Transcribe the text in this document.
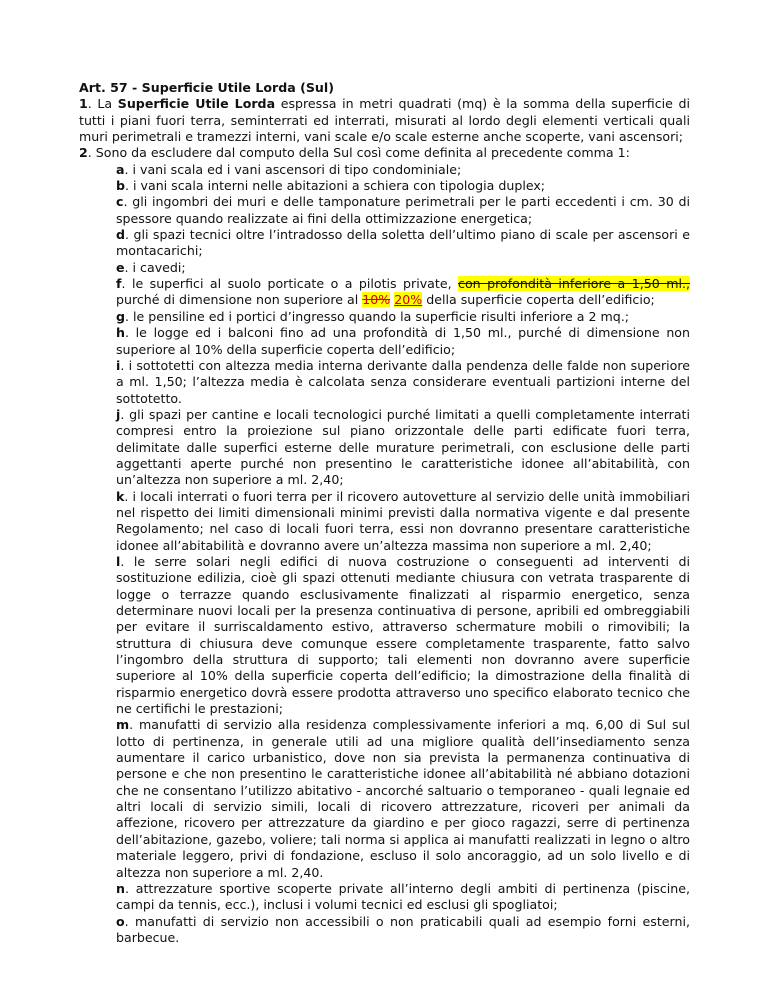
Art. 57 - Superficie Utile Lorda (Sul)

1. La Superficie Utile Lorda espressa in metri quadrati (mq) è la somma della superficie di tutti i piani fuori terra, seminterrati ed interrati, misurati al lordo degli elementi verticali quali muri perimetrali e tramezzi interni, vani scale e/o scale esterne anche scoperte, vani ascensori;

2. Sono da escludere dal computo della Sul così come definita al precedente comma 1:

a. i vani scala ed i vani ascensori di tipo condominiale;

b. i vani scala interni nelle abitazioni a schiera con tipologia duplex;

c. gli ingombri dei muri e delle tamponature perimetrali per le parti eccedenti i cm. 30 di spessore quando realizzate ai fini della ottimizzazione energetica;

d. gli spazi tecnici oltre l’intradosso della soletta dell’ultimo piano di scale per ascensori e montacarichi;

e. i cavedi;

f. le superfici al suolo porticate o a pilotis private, con profondità inferiore a 1,50 ml., purché di dimensione non superiore al 10% 20% della superficie coperta dell’edificio;

g. le pensiline ed i portici d’ingresso quando la superficie risulti inferiore a 2 mq.;

h. le logge ed i balconi fino ad una profondità di 1,50 ml., purché di dimensione non superiore al 10% della superficie coperta dell’edificio;

i. i sottotetti con altezza media interna derivante dalla pendenza delle falde non superiore a ml. 1,50; l’altezza media è calcolata senza considerare eventuali partizioni interne del sottotetto.

j. gli spazi per cantine e locali tecnologici purché limitati a quelli completamente interrati compresi entro la proiezione sul piano orizzontale delle parti edificate fuori terra, delimitate dalle superfici esterne delle murature perimetrali, con esclusione delle parti aggettanti aperte purché non presentino le caratteristiche idonee all’abitabilità, con un’altezza non superiore a ml. 2,40;

k. i locali interrati o fuori terra per il ricovero autovetture al servizio delle unità immobiliari nel rispetto dei limiti dimensionali minimi previsti dalla normativa vigente e dal presente Regolamento; nel caso di locali fuori terra, essi non dovranno presentare caratteristiche idonee all’abitabilità e dovranno avere un’altezza massima non superiore a ml. 2,40;

l. le serre solari negli edifici di nuova costruzione o conseguenti ad interventi di sostituzione edilizia, cioè gli spazi ottenuti mediante chiusura con vetrata trasparente di logge o terrazze quando esclusivamente finalizzati al risparmio energetico, senza determinare nuovi locali per la presenza continuativa di persone, apribili ed ombreggiabili per evitare il surriscaldamento estivo, attraverso schermature mobili o rimovibili; la struttura di chiusura deve comunque essere completamente trasparente, fatto salvo l’ingombro della struttura di supporto; tali elementi non dovranno avere superficie superiore al 10% della superficie coperta dell’edificio; la dimostrazione della finalità di risparmio energetico dovrà essere prodotta attraverso uno specifico elaborato tecnico che ne certifichi le prestazioni;

m. manufatti di servizio alla residenza complessivamente inferiori a mq. 6,00 di Sul sul lotto di pertinenza, in generale utili ad una migliore qualità dell’insediamento senza aumentare il carico urbanistico, dove non sia prevista la permanenza continuativa di persone e che non presentino le caratteristiche idonee all’abitabilità né abbiano dotazioni che ne consentano l’utilizzo abitativo - ancorché saltuario o temporaneo - quali legnaie ed altri locali di servizio simili, locali di ricovero attrezzature, ricoveri per animali da affezione, ricovero per attrezzature da giardino e per gioco ragazzi, serre di pertinenza dell’abitazione, gazebo, voliere; tali norma si applica ai manufatti realizzati in legno o altro materiale leggero, privi di fondazione, escluso il solo ancoraggio, ad un solo livello e di altezza non superiore a ml. 2,40.

n. attrezzature sportive scoperte private all’interno degli ambiti di pertinenza (piscine, campi da tennis, ecc.), inclusi i volumi tecnici ed esclusi gli spogliatoi;

o. manufatti di servizio non accessibili o non praticabili quali ad esempio forni esterni, barbecue.
